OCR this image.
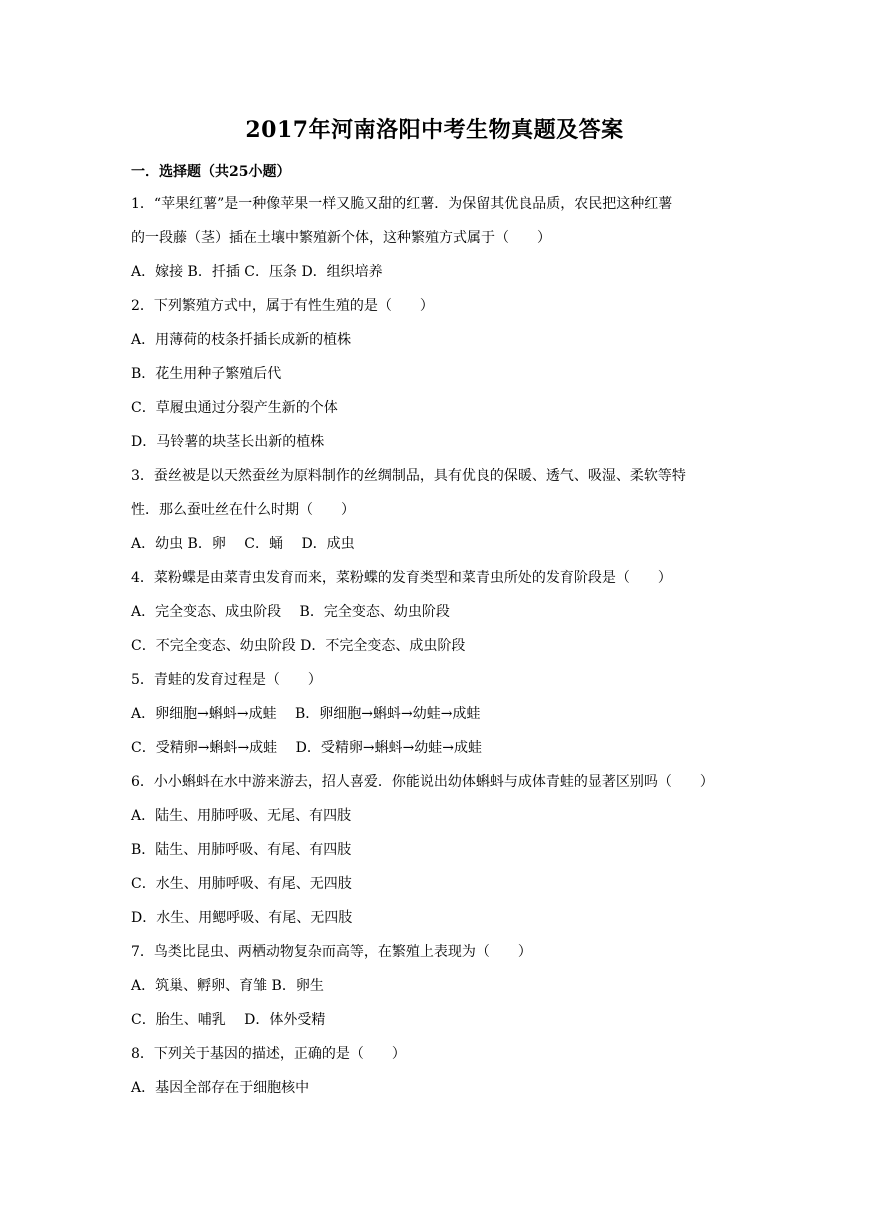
2017年河南洛阳中考生物真题及答案
一．选择题（共25小题）
1．“苹果红薯”是一种像苹果一样又脆又甜的红薯．为保留其优良品质，农民把这种红薯
的一段藤（茎）插在土壤中繁殖新个体，这种繁殖方式属于（　　）
A．嫁接 B．扦插 C．压条 D．组织培养
2．下列繁殖方式中，属于有性生殖的是（　　）
A．用薄荷的枝条扦插长成新的植株
B．花生用种子繁殖后代
C．草履虫通过分裂产生新的个体
D．马铃薯的块茎长出新的植株
3．蚕丝被是以天然蚕丝为原料制作的丝绸制品，具有优良的保暖、透气、吸湿、柔软等特
性．那么蚕吐丝在什么时期（　　）
A．幼虫 B．卵　 C．蛹　 D．成虫
4．菜粉蝶是由菜青虫发育而来，菜粉蝶的发育类型和菜青虫所处的发育阶段是（　　）
A．完全变态、成虫阶段　 B．完全变态、幼虫阶段
C．不完全变态、幼虫阶段 D．不完全变态、成虫阶段
5．青蛙的发育过程是（　　）
A．卵细胞→蝌蚪→成蛙　 B．卵细胞→蝌蚪→幼蛙→成蛙
C．受精卵→蝌蚪→成蛙　 D．受精卵→蝌蚪→幼蛙→成蛙
6．小小蝌蚪在水中游来游去，招人喜爱．你能说出幼体蝌蚪与成体青蛙的显著区别吗（　　）
A．陆生、用肺呼吸、无尾、有四肢
B．陆生、用肺呼吸、有尾、有四肢
C．水生、用肺呼吸、有尾、无四肢
D．水生、用鳃呼吸、有尾、无四肢
7．鸟类比昆虫、两栖动物复杂而高等，在繁殖上表现为（　　）
A．筑巢、孵卵、育雏 B．卵生
C．胎生、哺乳　 D．体外受精
8．下列关于基因的描述，正确的是（　　）
A．基因全部存在于细胞核中
